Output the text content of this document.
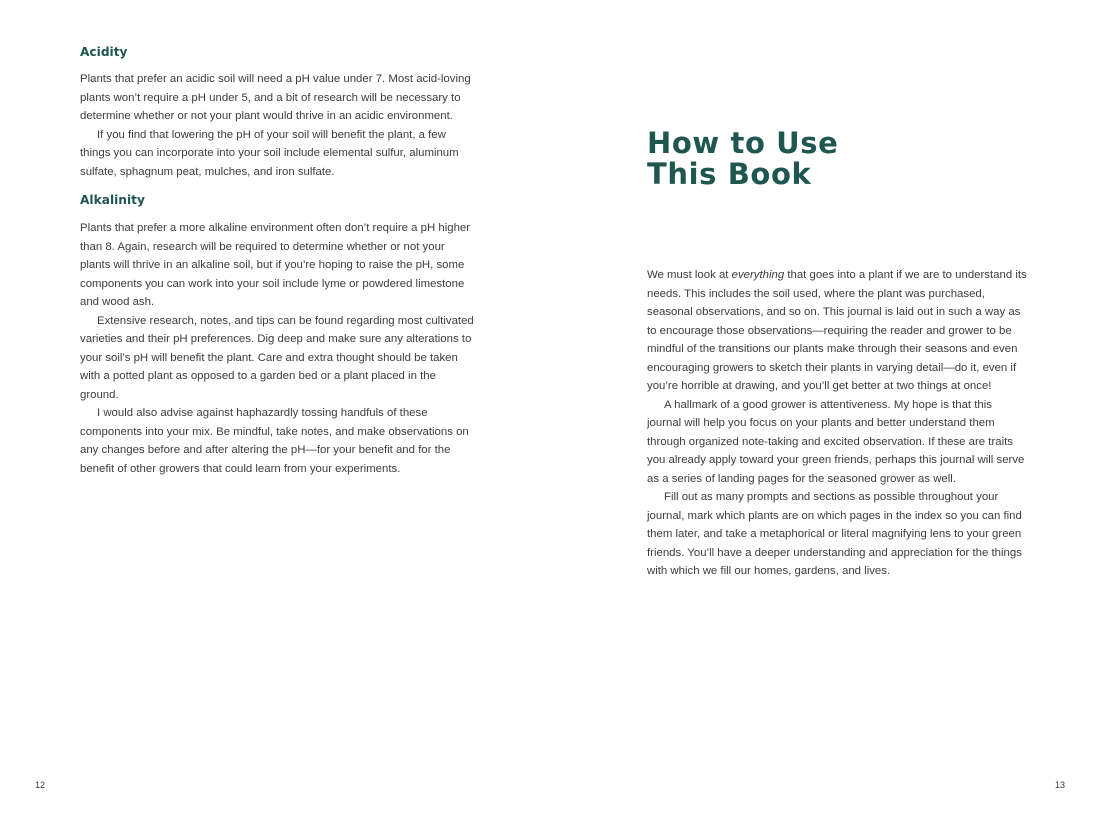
Acidity

Plants that prefer an acidic soil will need a pH value under 7. Most acid-loving plants won’t require a pH under 5, and a bit of research will be necessary to determine whether or not your plant would thrive in an acidic environment.

If you find that lowering the pH of your soil will benefit the plant, a few things you can incorporate into your soil include elemental sulfur, aluminum sulfate, sphagnum peat, mulches, and iron sulfate.

Alkalinity

Plants that prefer a more alkaline environment often don’t require a pH higher than 8. Again, research will be required to determine whether or not your plants will thrive in an alkaline soil, but if you’re hoping to raise the pH, some components you can work into your soil include lyme or powdered limestone and wood ash.

Extensive research, notes, and tips can be found regarding most cultivated varieties and their pH preferences. Dig deep and make sure any alterations to your soil’s pH will benefit the plant. Care and extra thought should be taken with a potted plant as opposed to a garden bed or a plant placed in the ground.

I would also advise against haphazardly tossing handfuls of these components into your mix. Be mindful, take notes, and make observations on any changes before and after altering the pH—for your benefit and for the benefit of other growers that could learn from your experiments.

12
How to Use
This Book

We must look at everything that goes into a plant if we are to understand its needs. This includes the soil used, where the plant was purchased, seasonal observations, and so on. This journal is laid out in such a way as to encourage those observations—requiring the reader and grower to be mindful of the transitions our plants make through their seasons and even encouraging growers to sketch their plants in varying detail—do it, even if you’re horrible at drawing, and you’ll get better at two things at once!

A hallmark of a good grower is attentiveness. My hope is that this journal will help you focus on your plants and better understand them through organized note-taking and excited observation. If these are traits you already apply toward your green friends, perhaps this journal will serve as a series of landing pages for the seasoned grower as well.

Fill out as many prompts and sections as possible throughout your journal, mark which plants are on which pages in the index so you can find them later, and take a metaphorical or literal magnifying lens to your green friends. You’ll have a deeper understanding and appreciation for the things with which we fill our homes, gardens, and lives.

13
